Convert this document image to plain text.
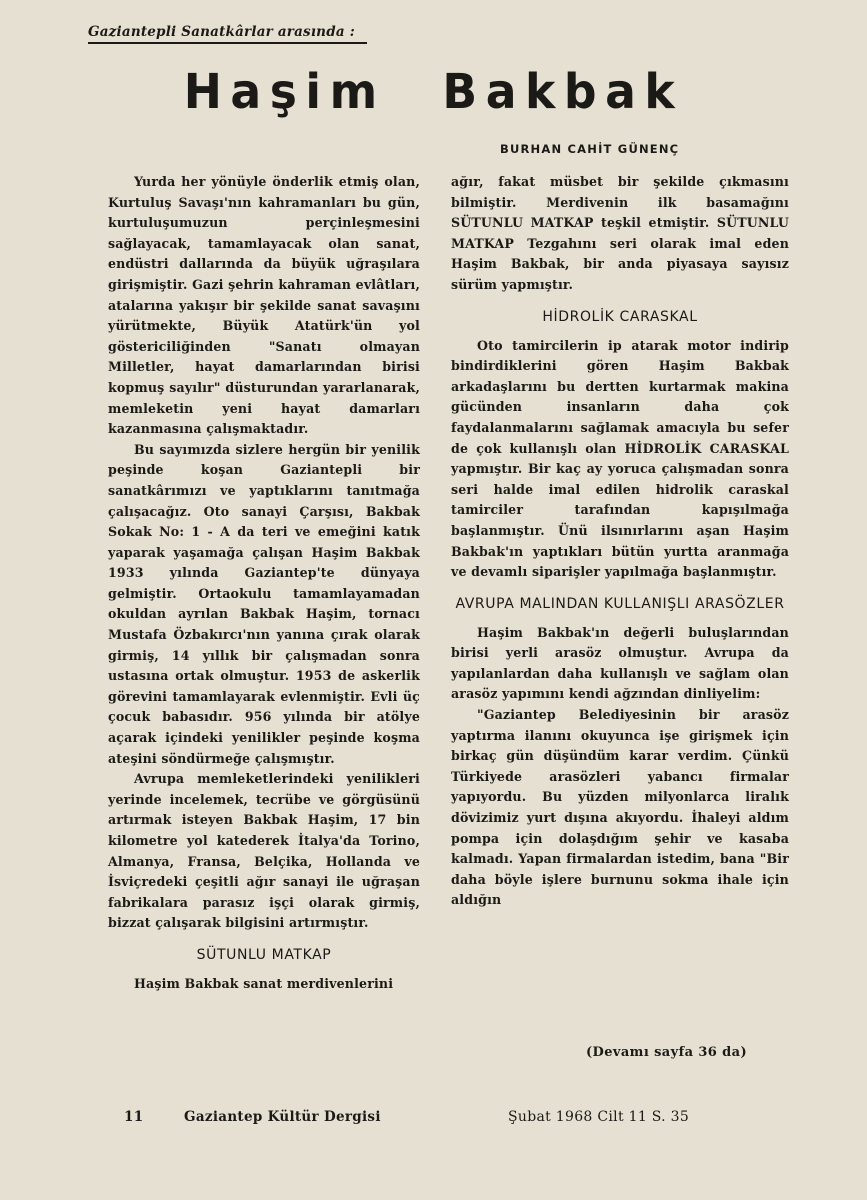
Gaziantepli Sanatkârlar arasında :
Haşim Bakbak
BURHAN CAHİT GÜNENÇ

Yurda her yönüyle önderlik etmiş olan, Kurtuluş Savaşı'nın kahramanları bu gün, kurtuluşumuzun perçinleşmesini sağlayacak, tamamlayacak olan sanat, endüstri dallarında da büyük uğraşılara girişmiştir. Gazi şehrin kahraman evlâtları, atalarına yakışır bir şekilde sanat savaşını yürütmekte, Büyük Atatürk'ün yol göstericiliğinden "Sanatı olmayan Milletler, hayat damarlarından birisi kopmuş sayılır" düsturundan yararlanarak, memleketin yeni hayat damarları kazanmasına çalışmaktadır.

Bu sayımızda sizlere hergün bir yenilik peşinde koşan Gaziantepli bir sanatkârımızı ve yaptıklarını tanıtmağa çalışacağız. Oto sanayi Çarşısı, Bakbak Sokak No: 1 - A da teri ve emeğini katık yaparak yaşamağa çalışan Haşim Bakbak 1933 yılında Gaziantep'te dünyaya gelmiştir. Ortaokulu tamamlayamadan okuldan ayrılan Bakbak Haşim, tornacı Mustafa Özbakırcı'nın yanına çırak olarak girmiş, 14 yıllık bir çalışmadan sonra ustasına ortak olmuştur. 1953 de askerlik görevini tamamlayarak evlenmiştir. Evli üç çocuk babasıdır. 956 yılında bir atölye açarak içindeki yenilikler peşinde koşma ateşini söndürmeğe çalışmıştır.

Avrupa memleketlerindeki yenilikleri yerinde incelemek, tecrübe ve görgüsünü artırmak isteyen Bakbak Haşim, 17 bin kilometre yol katederek İtalya'da Torino, Almanya, Fransa, Belçika, Hollanda ve İsviçredeki çeşitli ağır sanayi ile uğraşan fabrikalara parasız işçi olarak girmiş, bizzat çalışarak bilgisini artırmıştır.

SÜTUNLU MATKAP

Haşim Bakbak sanat merdivenlerini

ağır, fakat müsbet bir şekilde çıkmasını bilmiştir. Merdivenin ilk basamağını SÜTUNLU MATKAP teşkil etmiştir. SÜTUNLU MATKAP Tezgahını seri olarak imal eden Haşim Bakbak, bir anda piyasaya sayısız sürüm yapmıştır.

HİDROLİK CARASKAL

Oto tamircilerin ip atarak motor indirip bindirdiklerini gören Haşim Bakbak arkadaşlarını bu dertten kurtarmak makina gücünden insanların daha çok faydalanmalarını sağlamak amacıyla bu sefer de çok kullanışlı olan HİDROLİK CARASKAL yapmıştır. Bir kaç ay yoruca çalışmadan sonra seri halde imal edilen hidrolik caraskal tamirciler tarafından kapışılmağa başlanmıştır. Ünü ilsınırlarını aşan Haşim Bakbak'ın yaptıkları bütün yurtta aranmağa ve devamlı siparişler yapılmağa başlanmıştır.

AVRUPA MALINDAN KULLANIŞLI ARASÖZLER

Haşim Bakbak'ın değerli buluşlarından birisi yerli arasöz olmuştur. Avrupa da yapılanlardan daha kullanışlı ve sağlam olan arasöz yapımını kendi ağzından dinliyelim:

"Gaziantep Belediyesinin bir arasöz yaptırma ilanını okuyunca işe girişmek için birkaç gün düşündüm karar verdim. Çünkü Türkiyede arasözleri yabancı firmalar yapıyordu. Bu yüzden milyonlarca liralık dövizimiz yurt dışına akıyordu. İhaleyi aldım pompa için dolaşdığım şehir ve kasaba kalmadı. Yapan firmalardan istedim, bana "Bir daha böyle işlere burnunu sokma ihale için aldığın

(Devamı sayfa 36 da)
11	Gaziantep Kültür Dergisi	Şubat 1968 Cilt 11 S. 35
